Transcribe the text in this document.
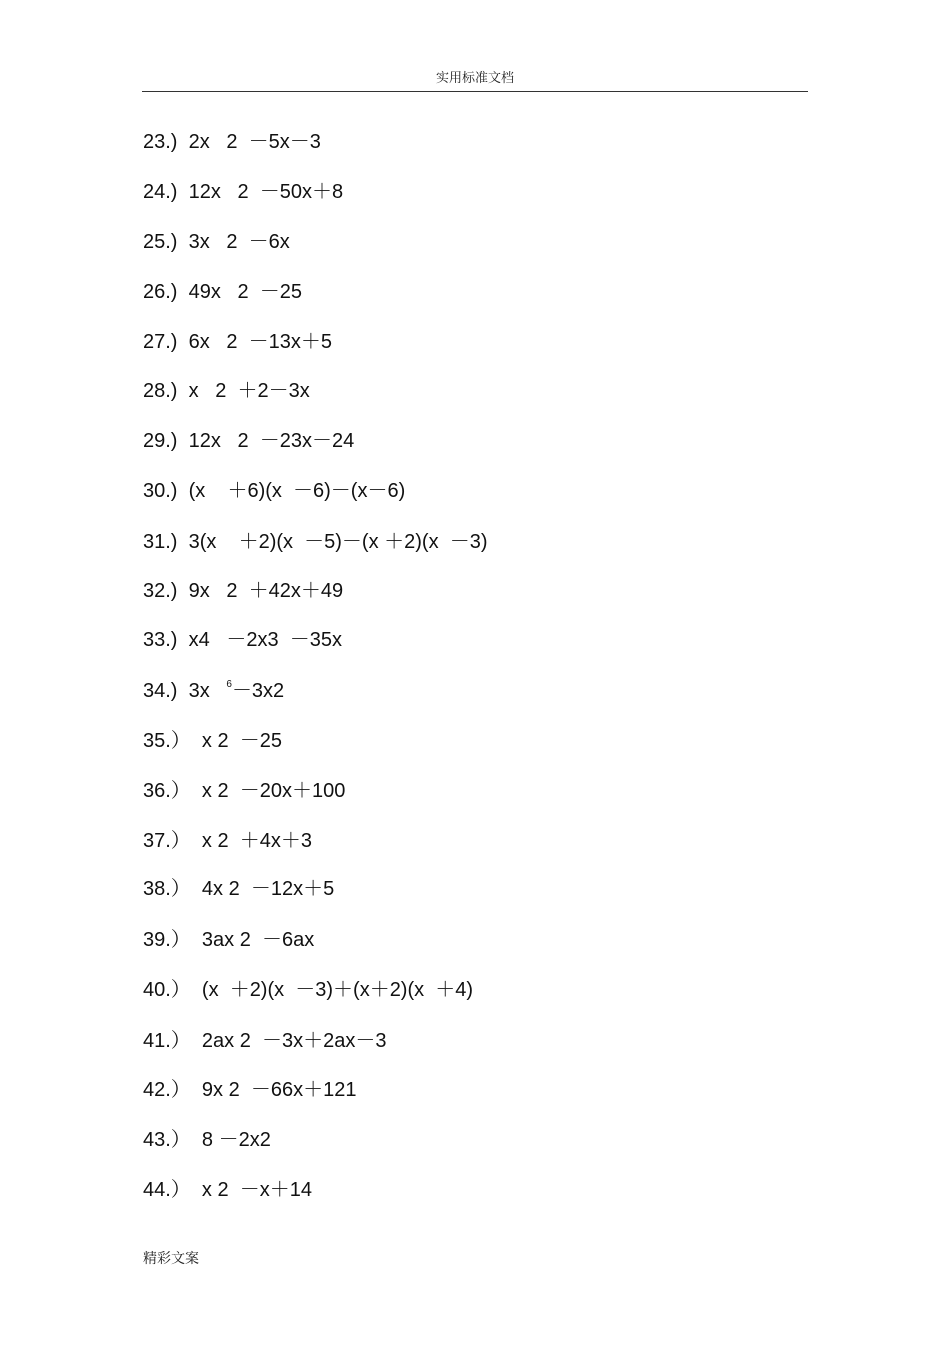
实用标准文档
23.)  2x   2  －5x－3
24.)  12x   2  －50x＋8
25.)  3x   2  －6x
26.)  49x   2  －25
27.)  6x   2  －13x＋5
28.)  x   2  ＋2－3x
29.)  12x   2  －23x－24
30.)  (x    ＋6)(x  －6)－(x－6)
31.)  3(x    ＋2)(x  －5)－(x ＋2)(x  －3)
32.)  9x   2  ＋42x＋49
33.)  x4   －2x3  －35x
34.)  3x   $^6$－3x2
35.）  x 2  －25
36.）  x 2  －20x＋100
37.）  x 2  ＋4x＋3
38.）  4x 2  －12x＋5
39.）  3ax 2  －6ax
40.）  (x  ＋2)(x  －3)＋(x＋2)(x  ＋4)
41.）  2ax 2  －3x＋2ax－3
42.）  9x 2  －66x＋121
43.）  8 －2x2
44.）  x 2  －x＋14
精彩文案
